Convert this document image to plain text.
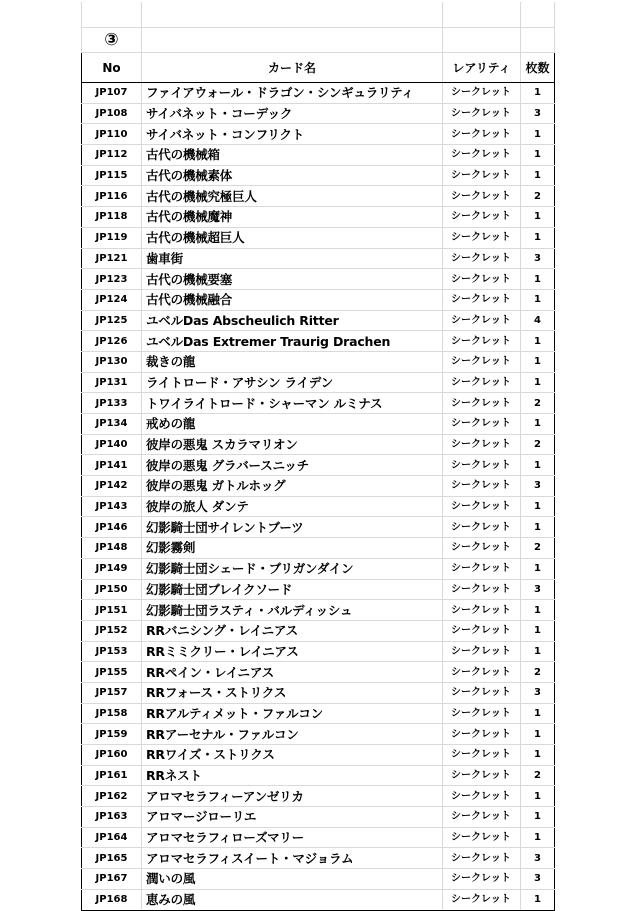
③			
No	カード名	レアリティ	枚数
JP107	ファイアウォール・ドラゴン・シンギュラリティ	シークレット	1
JP108	サイバネット・コーデック	シークレット	3
JP110	サイバネット・コンフリクト	シークレット	1
JP112	古代の機械箱	シークレット	1
JP115	古代の機械素体	シークレット	1
JP116	古代の機械究極巨人	シークレット	2
JP118	古代の機械魔神	シークレット	1
JP119	古代の機械超巨人	シークレット	1
JP121	歯車街	シークレット	3
JP123	古代の機械要塞	シークレット	1
JP124	古代の機械融合	シークレット	1
JP125	ユベルDas Abscheulich Ritter	シークレット	4
JP126	ユベルDas Extremer Traurig Drachen	シークレット	1
JP130	裁きの龍	シークレット	1
JP131	ライトロード・アサシン ライデン	シークレット	1
JP133	トワイライトロード・シャーマン ルミナス	シークレット	2
JP134	戒めの龍	シークレット	1
JP140	彼岸の悪鬼 スカラマリオン	シークレット	2
JP141	彼岸の悪鬼 グラバースニッチ	シークレット	1
JP142	彼岸の悪鬼 ガトルホッグ	シークレット	3
JP143	彼岸の旅人 ダンテ	シークレット	1
JP146	幻影騎士団サイレントブーツ	シークレット	1
JP148	幻影霧剣	シークレット	2
JP149	幻影騎士団シェード・ブリガンダイン	シークレット	1
JP150	幻影騎士団ブレイクソード	シークレット	3
JP151	幻影騎士団ラスティ・バルディッシュ	シークレット	1
JP152	RRバニシング・レイニアス	シークレット	1
JP153	RRミミクリー・レイニアス	シークレット	1
JP155	RRペイン・レイニアス	シークレット	2
JP157	RRフォース・ストリクス	シークレット	3
JP158	RRアルティメット・ファルコン	シークレット	1
JP159	RRアーセナル・ファルコン	シークレット	1
JP160	RRワイズ・ストリクス	シークレット	1
JP161	RRネスト	シークレット	2
JP162	アロマセラフィーアンゼリカ	シークレット	1
JP163	アロマージローリエ	シークレット	1
JP164	アロマセラフィローズマリー	シークレット	1
JP165	アロマセラフィスイート・マジョラム	シークレット	3
JP167	潤いの風	シークレット	3
JP168	恵みの風	シークレット	1
